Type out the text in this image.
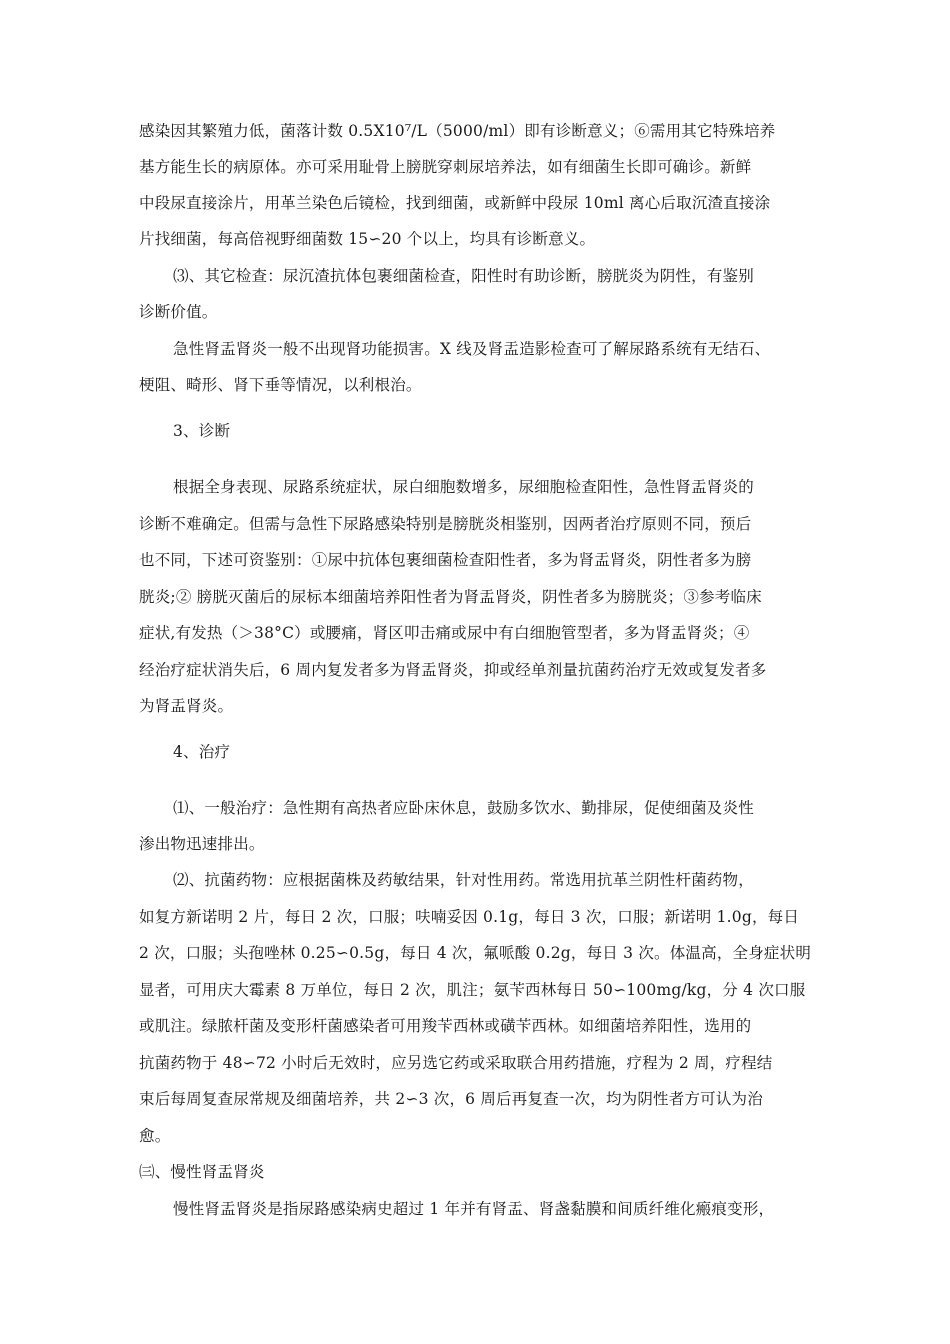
感染因其繁殖力低，菌落计数 0.5X10⁷/L（5000/ml）即有诊断意义；⑥需用其它特殊培养
基方能生长的病原体。亦可采用耻骨上膀胱穿刺尿培养法，如有细菌生长即可确诊。新鲜
中段尿直接涂片，用革兰染色后镜检，找到细菌，或新鲜中段尿 10ml 离心后取沉渣直接涂
片找细菌，每高倍视野细菌数 15∽20 个以上，均具有诊断意义。
⑶、其它检查：尿沉渣抗体包裹细菌检查，阳性时有助诊断，膀胱炎为阴性，有鉴别
诊断价值。
急性肾盂肾炎一般不出现肾功能损害。X 线及肾盂造影检查可了解尿路系统有无结石、
梗阻、畸形、肾下垂等情况，以利根治。
3、诊断
根据全身表现、尿路系统症状，尿白细胞数增多，尿细胞检查阳性，急性肾盂肾炎的
诊断不难确定。但需与急性下尿路感染特别是膀胱炎相鉴别，因两者治疗原则不同，预后
也不同，下述可资鉴别：①尿中抗体包裹细菌检查阳性者，多为肾盂肾炎，阴性者多为膀
胱炎;② 膀胱灭菌后的尿标本细菌培养阳性者为肾盂肾炎，阴性者多为膀胱炎；③参考临床
症状,有发热（＞38°C）或腰痛，肾区叩击痛或尿中有白细胞管型者，多为肾盂肾炎；④
经治疗症状消失后，6 周内复发者多为肾盂肾炎，抑或经单剂量抗菌药治疗无效或复发者多
为肾盂肾炎。
4、治疗
⑴、一般治疗：急性期有高热者应卧床休息，鼓励多饮水、勤排尿，促使细菌及炎性
渗出物迅速排出。
⑵、抗菌药物：应根据菌株及药敏结果，针对性用药。常选用抗革兰阴性杆菌药物，
如复方新诺明 2 片，每日 2 次，口服；呋喃妥因 0.1g，每日 3 次，口服；新诺明 1.0g，每日
2 次，口服；头孢唑林 0.25∽0.5g，每日 4 次，氟哌酸 0.2g，每日 3 次。体温高，全身症状明
显者，可用庆大霉素 8 万单位，每日 2 次，肌注；氨苄西林每日 50∽100mg/kg，分 4 次口服
或肌注。绿脓杆菌及变形杆菌感染者可用羧苄西林或磺苄西林。如细菌培养阳性，选用的
抗菌药物于 48∽72 小时后无效时，应另选它药或采取联合用药措施，疗程为 2 周，疗程结
束后每周复查尿常规及细菌培养，共 2∽3 次，6 周后再复查一次，均为阴性者方可认为治
愈。
㈢、慢性肾盂肾炎
慢性肾盂肾炎是指尿路感染病史超过 1 年并有肾盂、肾盏黏膜和间质纤维化瘢痕变形，
